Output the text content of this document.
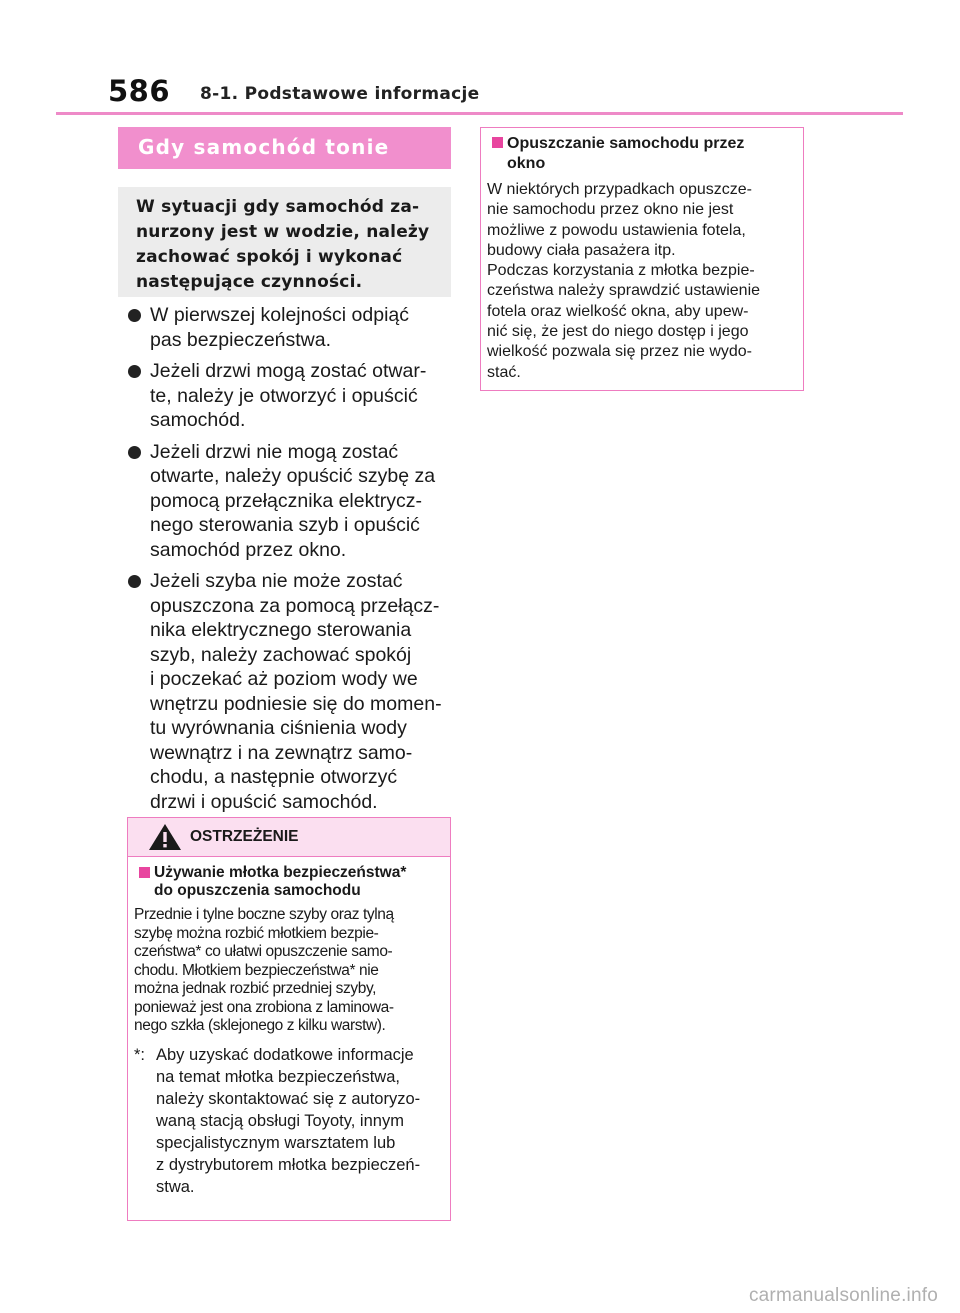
586 8-1. Podstawowe informacje
Gdy samochód tonie

W sytuacji gdy samochód za-
nurzony jest w wodzie, należy
zachować spokój i wykonać
następujące czynności.

W pierwszej kolejności odpiąć
pas bezpieczeństwa.
Jeżeli drzwi mogą zostać otwar-
te, należy je otworzyć i opuścić
samochód.
Jeżeli drzwi nie mogą zostać
otwarte, należy opuścić szybę za
pomocą przełącznika elektrycz-
nego sterowania szyb i opuścić
samochód przez okno.
Jeżeli szyba nie może zostać
opuszczona za pomocą przełącz-
nika elektrycznego sterowania
szyb, należy zachować spokój
i poczekać aż poziom wody we
wnętrzu podniesie się do momen-
tu wyrównania ciśnienia wody
wewnątrz i na zewnątrz samo-
chodu, a następnie otworzyć
drzwi i opuścić samochód.
OSTRZEŻENIE

Używanie młotka bezpieczeństwa*
do opuszczenia samochodu

Przednie i tylne boczne szyby oraz tylną
szybę można rozbić młotkiem bezpie-
czeństwa* co ułatwi opuszczenie samo-
chodu. Młotkiem bezpieczeństwa* nie
można jednak rozbić przedniej szyby,
ponieważ jest ona zrobiona z laminowa-
nego szkła (sklejonego z kilku warstw).

*: Aby uzyskać dodatkowe informacje
na temat młotka bezpieczeństwa,
należy skontaktować się z autoryzo-
waną stacją obsługi Toyoty, innym
specjalistycznym warsztatem lub
z dystrybutorem młotka bezpieczeń-
stwa.

Opuszczanie samochodu przez
okno

W niektórych przypadkach opuszcze-
nie samochodu przez okno nie jest
możliwe z powodu ustawienia fotela,
budowy ciała pasażera itp.
Podczas korzystania z młotka bezpie-
czeństwa należy sprawdzić ustawienie
fotela oraz wielkość okna, aby upew-
nić się, że jest do niego dostęp i jego
wielkość pozwala się przez nie wydo-
stać.

carmanualsonline.info
